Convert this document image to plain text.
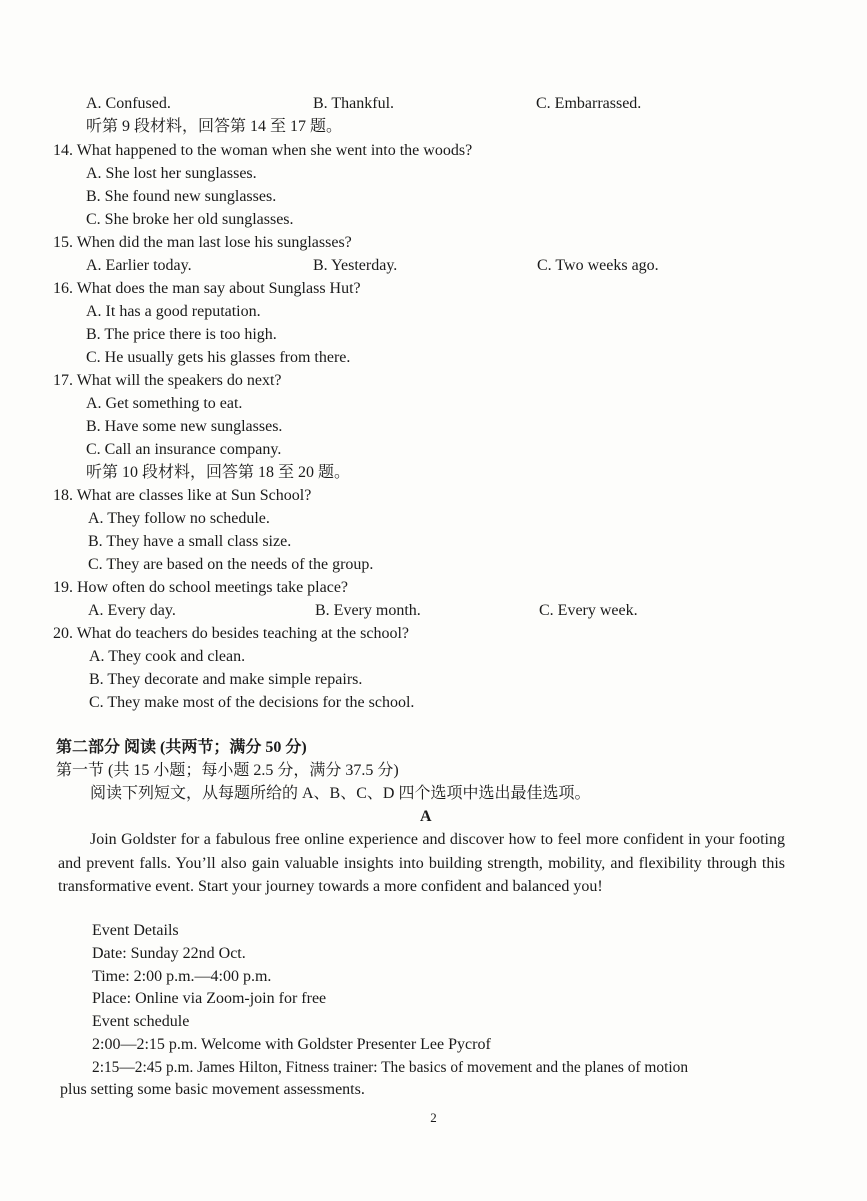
A. Confused.	B. Thankful.	C. Embarrassed.
听第 9 段材料，回答第 14 至 17 题。
14. What happened to the woman when she went into the woods?
A. She lost her sunglasses.
B. She found new sunglasses.
C. She broke her old sunglasses.
15. When did the man last lose his sunglasses?
A. Earlier today.	B. Yesterday.	C. Two weeks ago.
16. What does the man say about Sunglass Hut?
A. It has a good reputation.
B. The price there is too high.
C. He usually gets his glasses from there.
17. What will the speakers do next?
A. Get something to eat.
B. Have some new sunglasses.
C. Call an insurance company.
听第 10 段材料，回答第 18 至 20 题。
18. What are classes like at Sun School?
A. They follow no schedule.
B. They have a small class size.
C. They are based on the needs of the group.
19. How often do school meetings take place?
A. Every day.	B. Every month.	C. Every week.
20. What do teachers do besides teaching at the school?
A. They cook and clean.
B. They decorate and make simple repairs.
C. They make most of the decisions for the school.
第二部分 阅读 (共两节；满分 50 分)
第一节 (共 15 小题；每小题 2.5 分，满分 37.5 分)
阅读下列短文，从每题所给的 A、B、C、D 四个选项中选出最佳选项。
A
Join Goldster for a fabulous free online experience and discover how to feel more confident in your footing and prevent falls. You’ll also gain valuable insights into building strength, mobility, and flexibility through this transformative event. Start your journey towards a more confident and balanced you!
Event Details
Date: Sunday 22nd Oct.
Time: 2:00 p.m.—4:00 p.m.
Place: Online via Zoom-join for free
Event schedule
2:00—2:15 p.m. Welcome with Goldster Presenter Lee Pycrof
2:15—2:45 p.m. James Hilton, Fitness trainer: The basics of movement and the planes of motion
plus setting some basic movement assessments.
2
